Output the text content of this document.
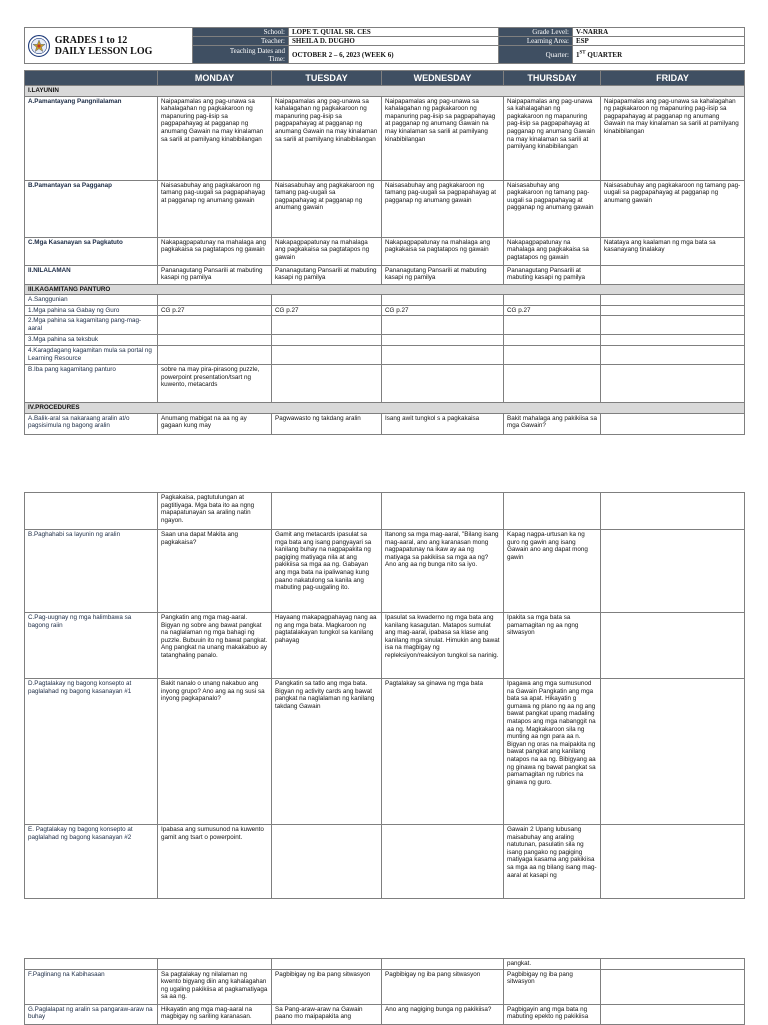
GRADES 1 to 12
DAILY LESSON LOG	School:	LOPE T. QUIAL SR. CES	Grade Level:	V-NARRA
	Teacher:	SHEILA D. DUGHO	Learning Area:	ESP

	Teaching Dates and
Time:	OCTOBER 2 – 6, 2023 (WEEK 6)	Quarter:	1ST QUARTER
	MONDAY	TUESDAY	WEDNESDAY	THURSDAY	FRIDAY
I.LAYUNIN					
A.Pamantayang Pangnilalaman	Naipapamalas ang pag-unawa sa kahalagahan ng pagkakaroon ng mapanuring pag-iisip sa pagpapahayag at pagganap ng anumang Gawain na may kinalaman sa sarili at pamilyang kinabibilangan	Naipapamalas ang pag-unawa sa kahalagahan ng pagkakaroon ng mapanuring pag-iisip sa pagpapahayag at pagganap ng anumang Gawain na may kinalaman sa sarili at pamilyang kinabibilangan	Naipapamalas ang pag-unawa sa kahalagahan ng pagkakaroon ng mapanuring pag-iisip sa pagpapahayag at pagganap ng anumang Gawain na may kinalaman sa sarili at pamilyang kinabibilangan	Naipapamalas ang pag-unawa sa kahalagahan ng pagkakaroon ng mapanuring pag-iisip sa pagpapahayag at pagganap ng anumang Gawain na may kinalaman sa sarili at pamilyang kinabibilangan	Naipapamalas ang pag-unawa sa kahalagahan ng pagkakaroon ng mapanuring pag-iisip sa pagpapahayag at pagganap ng anumang Gawain na may kinalaman sa sarili at pamilyang kinabibilangan
B.Pamantayan sa Pagganap	Naisasabuhay ang pagkakaroon ng tamang pag-uugali sa pagpapahayag at pagganap ng anumang gawain	Naisasabuhay ang pagkakaroon ng tamang pag-uugali sa pagpapahayag at pagganap ng anumang gawain	Naisasabuhay ang pagkakaroon ng tamang pag-uugali sa pagpapahayag at pagganap ng anumang gawain	Naisasabuhay ang pagkakaroon ng tamang pag-uugali sa pagpapahayag at pagganap ng anumang gawain	Naisasabuhay ang pagkakaroon ng tamang pag-uugali sa pagpapahayag at pagganap ng anumang gawain
C.Mga Kasanayan sa Pagkatuto	Nakapagpapatunay na mahalaga ang pagkakaisa sa pagtatapos ng gawain	Nakapagpapatunay na mahalaga ang pagkakaisa sa pagtatapos ng gawain	Nakapagpapatunay na mahalaga ang pagkakaisa sa pagtatapos ng gawain	Nakapagpapatunay na mahalaga ang pagkakaisa sa pagtatapos ng gawain	Natataya ang kaalaman ng mga bata sa kasanayang tinalakay
II.NILALAMAN	Pananagutang Pansarili at mabuting kasapi ng pamilya	Pananagutang Pansarili at mabuting kasapi ng pamilya	Pananagutang Pansarili at mabuting kasapi ng pamilya	Pananagutang Pansarili at mabuting kasapi ng pamilya	
III.KAGAMITANG PANTURO					
A.Sanggunian					
1.Mga pahina sa Gabay ng Guro	CG p.27	CG p.27	CG p.27	CG p.27	
2.Mga pahina sa kagamitang pang-mag-aaral					
3.Mga pahina sa teksbuk					
4.Karagdagang kagamitan mula sa portal ng Learning Resource					
B.Iba pang kagamitang panturo	sobre na may pira-pirasong puzzle, powerpoint presentation/tsart ng kuwento, metacards				
IV.PROCEDURES					
A.Balik-aral sa nakaraang aralin at/o pagsisimula ng bagong aralin	Anumang mabigat na aa ng ay gagaan kung may	Pagwawasto ng takdang aralin	Isang awit tungkol s a pagkakaisa	Bakit mahalaga ang pakikiisa sa mga Gawain?	
	Pagkakaisa, pagtutulungan at pagtitiyaga. Mga bata ito aa ngng mapapatunayan sa araling natin ngayon.				
B.Paghahabi sa layunin ng aralin	Saan una dapat Makita ang pagkakaisa?	Gamit ang metacards ipasulat sa mga bata ang isang pangyayari sa kanilang buhay na nagpapakita ng pagiging matiyaga nila at ang pakikiisa sa mga aa ng. Gabayan ang mga bata na ipaliwanag kung paano nakatulong sa kanila ang mabuting pag-uugaling ito.	Itanong sa mga mag-aaral, "Bilang isang mag-aaral, ano ang karanasan mong nagpapatunay na ikaw ay aa ng matiyaga sa pakikiisa sa mga aa ng? Ano ang aa ng bunga nito sa iyo.	Kapag nagpa-urtusan ka ng guro ng gawin ang isang Gawain ano ang dapat mong gawin	
C.Pag-uugnay ng mga halimbawa sa bagong raiin	Pangkatin ang mga mag-aaral. Bigyan ng sobre ang bawat pangkat na naglalaman ng mga bahagi ng puzzle. Bubuuin ito ng bawat pangkat. Ang pangkat na unang makakabuo ay tatanghaling panalo.	Hayaang makapagpahayag nang aa ng ang mga bata. Magkaroon ng pagtatalakayan tungkol sa kanilang pahayag	Ipasulat sa kwaderno ng mga bata ang kanilang kasagutan. Matapos sumulat ang mag-aaral, ipabasa sa klase ang kanilang mga sinulat. Himukin ang bawat isa na magbigay ng repleksiyon/reaksiyon tungkol sa narinig.	Ipakita sa mga bata sa pamamagitan ng aa ngng sitwasyon	
D.Pagtalakay ng bagong konsepto at paglalahad ng bagong kasanayan #1	Bakit nanalo o unang nakabuo ang inyong grupo? Ano ang aa ng susi sa inyong pagkapanalo?	Pangkatin sa tatlo ang mga bata. Bigyan ng activity cards ang bawat pangkat na naglalaman ng kanilang takdang Gawain	Pagtalakay sa ginawa ng mga bata	Ipagawa ang mga sumusunod na Gawain Pangkatin ang mga bata sa apat. Hikayatin g gumawa ng plano ng aa ng ang bawat pangkat upang madaling matapos ang mga nabanggit na aa ng. Magkakaroon sila ng munting aa ngn para aa n. Bigyan ng oras na maipakita ng bawat pangkat ang kanilang natapos na aa ng. Bibigyang aa ng ginawa ng bawat pangkat sa pamamagitan ng rubrics na ginawa ng guro.	
E. Pagtalakay ng bagong konsepto at paglalahad ng bagong kasanayan #2	Ipabasa ang sumusunod na kuwento gamit ang tsart o powerpoint.			Gawain 2 Upang lubusang maisabuhay ang araling natutunan, pasulatin sila ng isang pangako ng pagiging matiyaga kasama ang pakikiisa sa mga aa ng bilang isang mag-aaral at kasapi ng	
				pangkat.	
F.Paglinang na Kabihasaan	Sa pagtalakay ng nilalaman ng kwento bigyang diin ang kahalagahan ng ugaling pakikiisa at pagkamatiyaga sa aa ng.	Pagbibigay ng iba pang sitwasyon	Pagbibigay ng iba pang sitwasyon	Pagbibigay ng iba pang sitwasyon	
G.Paglalapat ng aralin sa pangaraw-araw na buhay	Hikayatin ang mga mag-aaral na magbigay ng sariling karanasan.	Sa Pang-araw-araw na Gawain paano mo maipapakita ang	Ano ang nagiging bunga ng pakikiisa?	Pagbigayin ang mga bata ng mabuting epekto ng pakikiisa	
